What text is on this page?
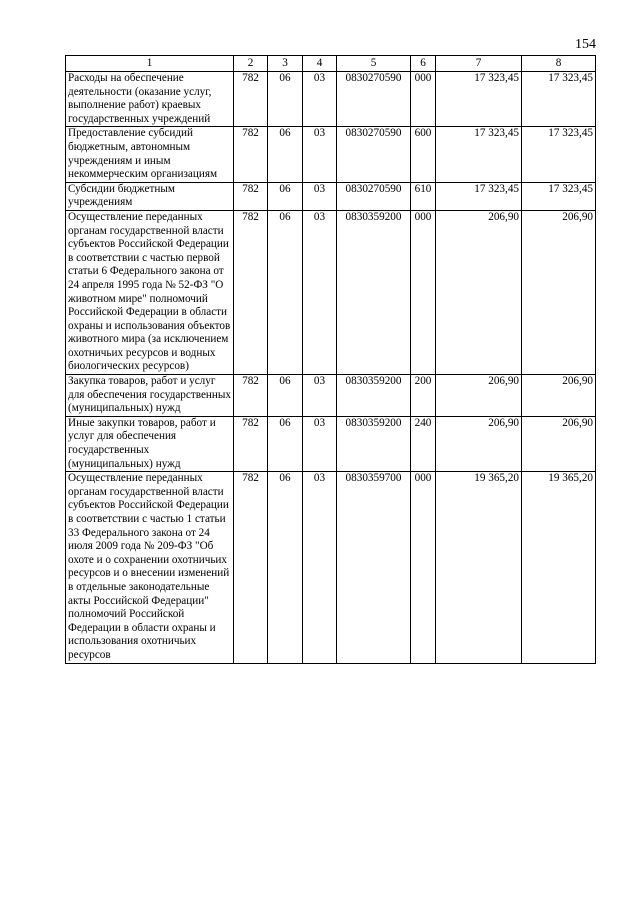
154
1	2	3	4	5	6	7	8
Расходы на обеспечение деятельности (оказание услуг, выполнение работ) краевых государственных учреждений	782	06	03	0830270590	000	17 323,45	17 323,45
Предоставление субсидий бюджетным, автономным учреждениям и иным некоммерческим организациям	782	06	03	0830270590	600	17 323,45	17 323,45
Субсидии бюджетным учреждениям	782	06	03	0830270590	610	17 323,45	17 323,45
Осуществление переданных органам государственной власти субъектов Российской Федерации в соответствии с частью первой статьи 6 Федерального закона от 24 апреля 1995 года № 52-ФЗ "О животном мире" полномочий Российской Федерации в области охраны и использования объектов животного мира (за исключением охотничьих ресурсов и водных биологических ресурсов)	782	06	03	0830359200	000	206,90	206,90
Закупка товаров, работ и услуг для обеспечения государственных (муниципальных) нужд	782	06	03	0830359200	200	206,90	206,90
Иные закупки товаров, работ и услуг для обеспечения государственных (муниципальных) нужд	782	06	03	0830359200	240	206,90	206,90
Осуществление переданных органам государственной власти субъектов Российской Федерации в соответствии с частью 1 статьи 33 Федерального закона от 24 июля 2009 года № 209-ФЗ "Об охоте и о сохранении охотничьих ресурсов и о внесении изменений в отдельные законодательные акты Российской Федерации" полномочий Российской Федерации в области охраны и использования охотничьих ресурсов	782	06	03	0830359700	000	19 365,20	19 365,20
